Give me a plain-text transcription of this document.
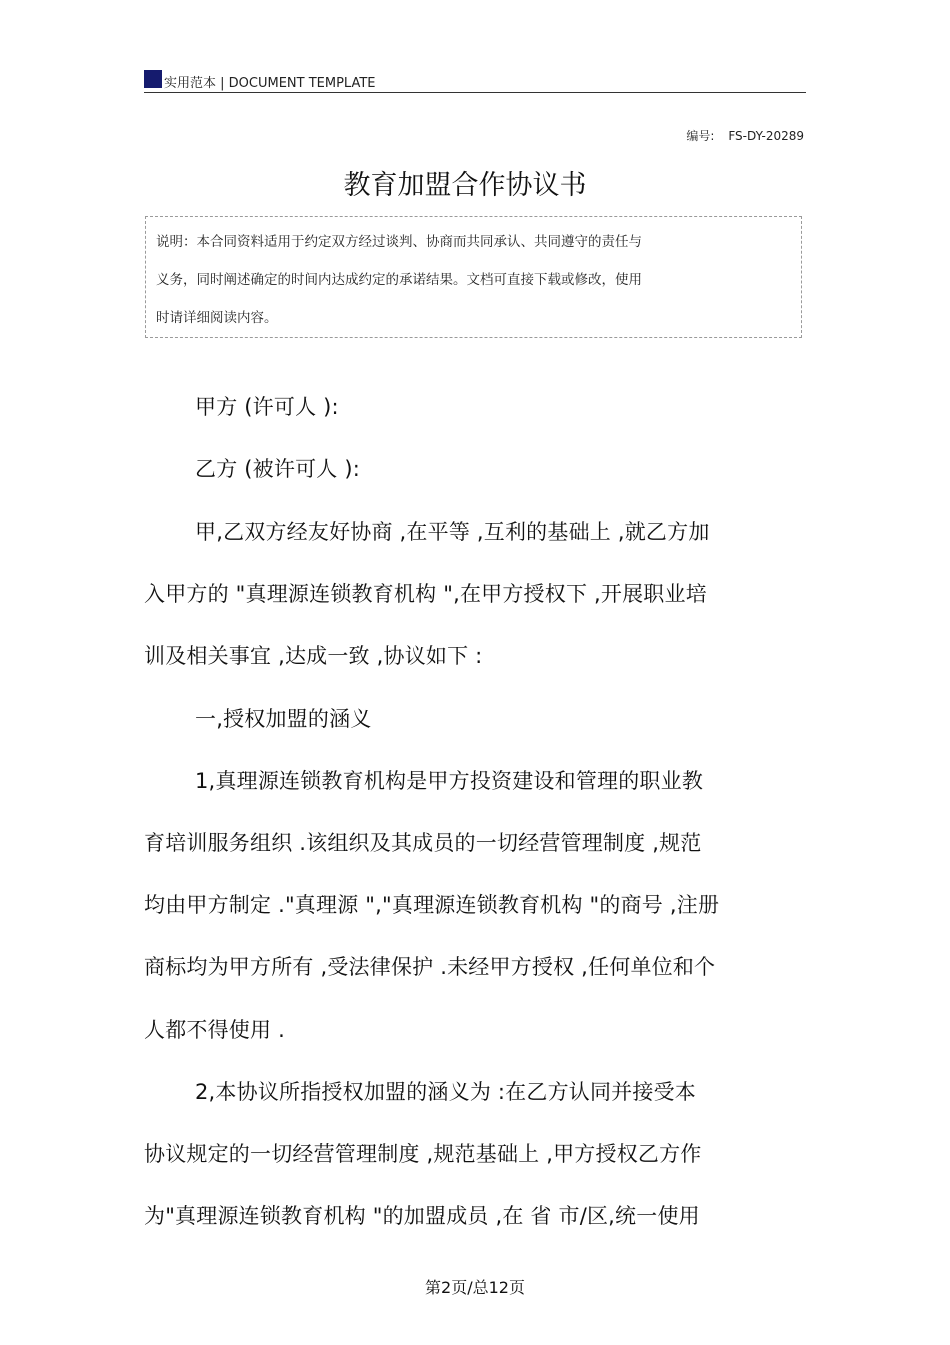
实用范本 | DOCUMENT TEMPLATE
编号: FS-DY-20289
教育加盟合作协议书

说明：本合同资料适用于约定双方经过谈判、协商而共同承认、共同遵守的责任与

义务，同时阐述确定的时间内达成约定的承诺结果。文档可直接下载或修改，使用

时请详细阅读内容。

甲方 (许可人 ):

乙方 (被许可人 ):

甲,乙双方经友好协商 ,在平等 ,互利的基础上 ,就乙方加

入甲方的 "真理源连锁教育机构 ",在甲方授权下 ,开展职业培

训及相关事宜 ,达成一致 ,协议如下 :

一,授权加盟的涵义

1,真理源连锁教育机构是甲方投资建设和管理的职业教

育培训服务组织 .该组织及其成员的一切经营管理制度 ,规范

均由甲方制定 ."真理源 ","真理源连锁教育机构 "的商号 ,注册

商标均为甲方所有 ,受法律保护 .未经甲方授权 ,任何单位和个

人都不得使用 .

2,本协议所指授权加盟的涵义为 :在乙方认同并接受本

协议规定的一切经营管理制度 ,规范基础上 ,甲方授权乙方作

为"真理源连锁教育机构 "的加盟成员 ,在 省 市/区,统一使用

第2页/总12页
